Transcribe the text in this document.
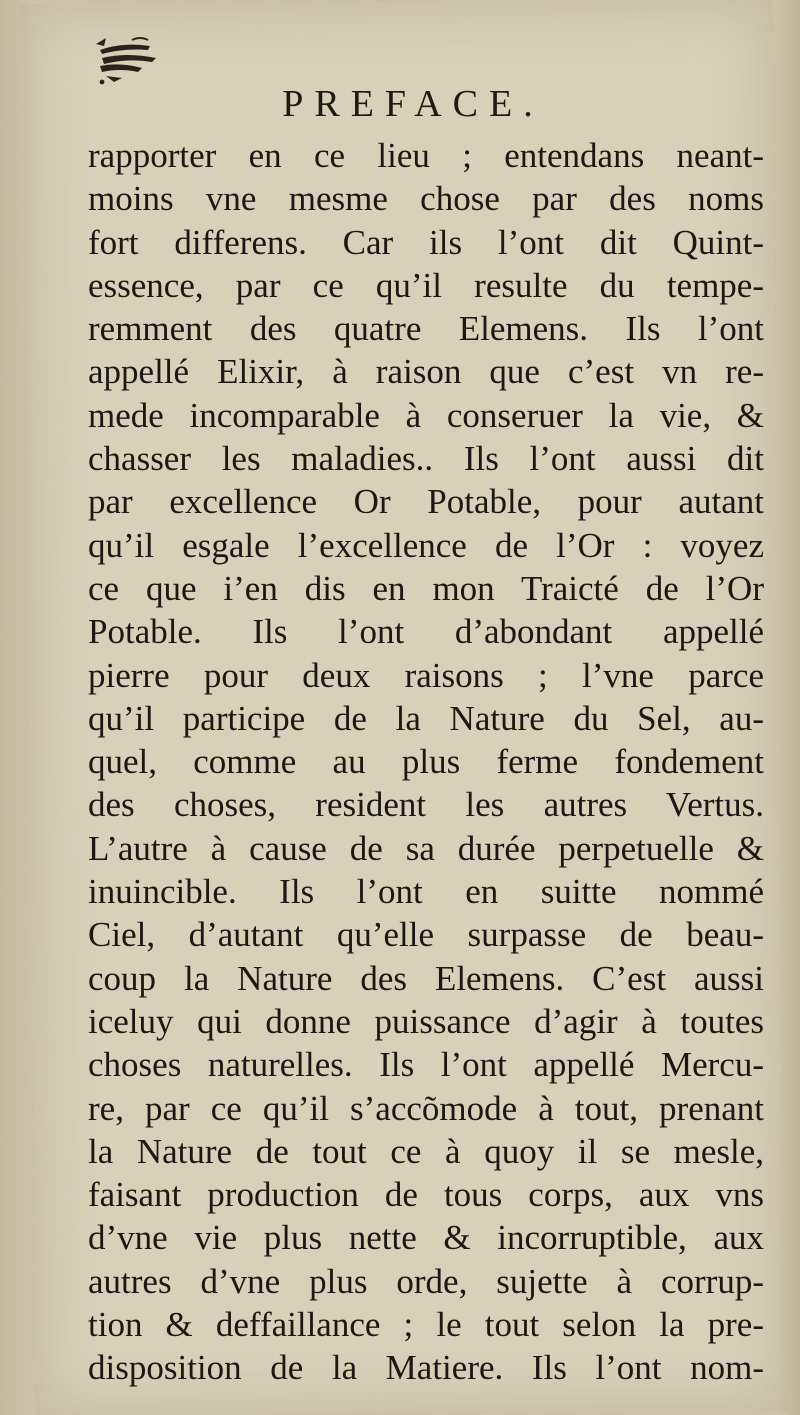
PREFACE.
rapporter en ce lieu ; entendans neant-
moins vne mesme chose par des noms
fort differens. Car ils l’ont dit Quint-
essence, par ce qu’il resulte du tempe-
remment des quatre Elemens. Ils l’ont
appellé Elixir, à raison que c’est vn re-
mede incomparable à conseruer la vie, &
chasser les maladies.. Ils l’ont aussi dit
par excellence Or Potable, pour autant
qu’il esgale l’excellence de l’Or : voyez
ce que i’en dis en mon Traicté de l’Or
Potable. Ils l’ont d’abondant appellé
pierre pour deux raisons ; l’vne parce
qu’il participe de la Nature du Sel, au-
quel, comme au plus ferme fondement
des choses, resident les autres Vertus.
L’autre à cause de sa durée perpetuelle &
inuincible. Ils l’ont en suitte nommé
Ciel, d’autant qu’elle surpasse de beau-
coup la Nature des Elemens. C’est aussi
iceluy qui donne puissance d’agir à toutes
choses naturelles. Ils l’ont appellé Mercu-
re, par ce qu’il s’accõmode à tout, prenant
la Nature de tout ce à quoy il se mesle,
faisant production de tous corps, aux vns
d’vne vie plus nette & incorruptible, aux
autres d’vne plus orde, sujette à corrup-
tion & deffaillance ; le tout selon la pre-
disposition de la Matiere. Ils l’ont nom-
